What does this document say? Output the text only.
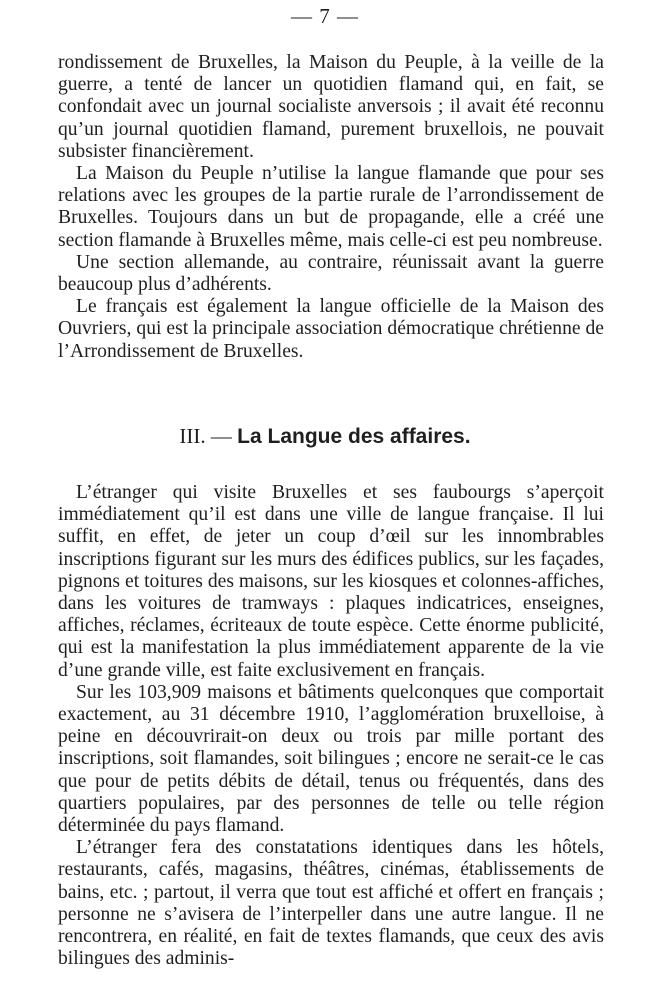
— 7 —

rondissement de Bruxelles, la Maison du Peuple, à la veille de la guerre, a tenté de lancer un quotidien flamand qui, en fait, se confondait avec un journal socialiste anversois ; il avait été reconnu qu’un journal quotidien flamand, purement bruxellois, ne pouvait subsister financièrement.

La Maison du Peuple n’utilise la langue flamande que pour ses relations avec les groupes de la partie rurale de l’arrondissement de Bruxelles. Toujours dans un but de propagande, elle a créé une section flamande à Bruxelles même, mais celle-ci est peu nombreuse.

Une section allemande, au contraire, réunissait avant la guerre beaucoup plus d’adhérents.

Le français est également la langue officielle de la Maison des Ouvriers, qui est la principale association démocratique chrétienne de l’Arrondissement de Bruxelles.

III. — La Langue des affaires.

L’étranger qui visite Bruxelles et ses faubourgs s’aperçoit immédiatement qu’il est dans une ville de langue française. Il lui suffit, en effet, de jeter un coup d’œil sur les innombrables inscriptions figurant sur les murs des édifices publics, sur les façades, pignons et toitures des maisons, sur les kiosques et colonnes-affiches, dans les voitures de tramways : plaques indicatrices, enseignes, affiches, réclames, écriteaux de toute espèce. Cette énorme publicité, qui est la manifestation la plus immédiatement apparente de la vie d’une grande ville, est faite exclusivement en français.

Sur les 103,909 maisons et bâtiments quelconques que comportait exactement, au 31 décembre 1910, l’agglomération bruxelloise, à peine en découvrirait-on deux ou trois par mille portant des inscriptions, soit flamandes, soit bilingues ; encore ne serait-ce le cas que pour de petits débits de détail, tenus ou fréquentés, dans des quartiers populaires, par des personnes de telle ou telle région déterminée du pays flamand.

L’étranger fera des constatations identiques dans les hôtels, restaurants, cafés, magasins, théâtres, cinémas, établissements de bains, etc. ; partout, il verra que tout est affiché et offert en français ; personne ne s’avisera de l’interpeller dans une autre langue. Il ne rencontrera, en réalité, en fait de textes flamands, que ceux des avis bilingues des adminis-
